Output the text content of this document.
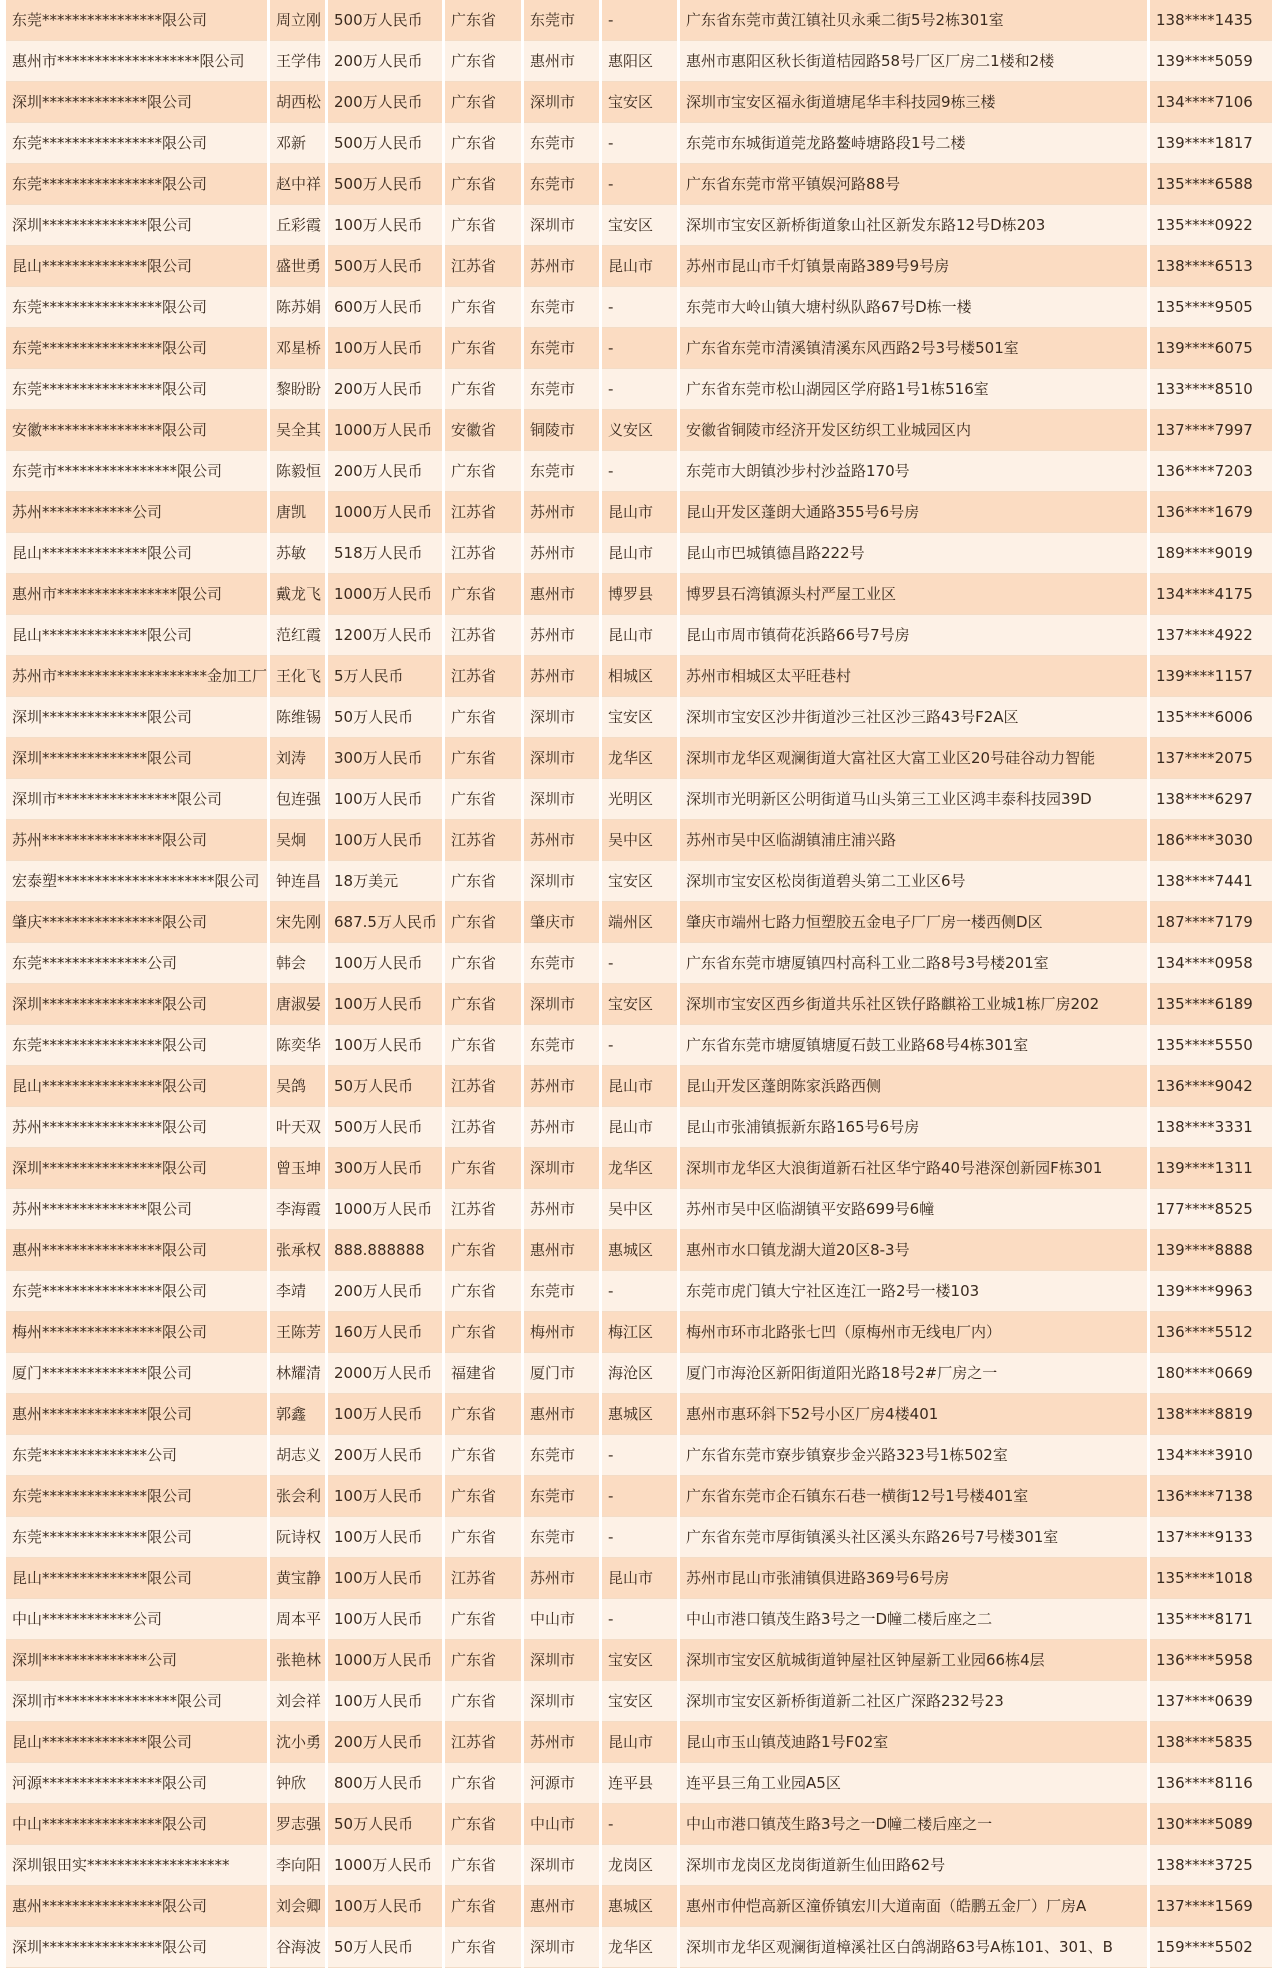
东莞****************限公司	周立刚	500万人民币	广东省	东莞市	-	广东省东莞市黄江镇社贝永乘二街5号2栋301室	138****1435
惠州市*******************限公司	王学伟	200万人民币	广东省	惠州市	惠阳区	惠州市惠阳区秋长街道桔园路58号厂区厂房二1楼和2楼	139****5059
深圳**************限公司	胡西松	200万人民币	广东省	深圳市	宝安区	深圳市宝安区福永街道塘尾华丰科技园9栋三楼	134****7106
东莞****************限公司	邓新	500万人民币	广东省	东莞市	-	东莞市东城街道莞龙路鳌峙塘路段1号二楼	139****1817
东莞****************限公司	赵中祥	500万人民币	广东省	东莞市	-	广东省东莞市常平镇娱河路88号	135****6588
深圳**************限公司	丘彩霞	100万人民币	广东省	深圳市	宝安区	深圳市宝安区新桥街道象山社区新发东路12号D栋203	135****0922
昆山**************限公司	盛世勇	500万人民币	江苏省	苏州市	昆山市	苏州市昆山市千灯镇景南路389号9号房	138****6513
东莞****************限公司	陈苏娟	600万人民币	广东省	东莞市	-	东莞市大岭山镇大塘村纵队路67号D栋一楼	135****9505
东莞****************限公司	邓星桥	100万人民币	广东省	东莞市	-	广东省东莞市清溪镇清溪东风西路2号3号楼501室	139****6075
东莞****************限公司	黎盼盼	200万人民币	广东省	东莞市	-	广东省东莞市松山湖园区学府路1号1栋516室	133****8510
安徽****************限公司	吴全其	1000万人民币	安徽省	铜陵市	义安区	安徽省铜陵市经济开发区纺织工业城园区内	137****7997
东莞市****************限公司	陈毅恒	200万人民币	广东省	东莞市	-	东莞市大朗镇沙步村沙益路170号	136****7203
苏州************公司	唐凯	1000万人民币	江苏省	苏州市	昆山市	昆山开发区蓬朗大通路355号6号房	136****1679
昆山**************限公司	苏敏	518万人民币	江苏省	苏州市	昆山市	昆山市巴城镇德昌路222号	189****9019
惠州市****************限公司	戴龙飞	1000万人民币	广东省	惠州市	博罗县	博罗县石湾镇源头村严屋工业区	134****4175
昆山**************限公司	范红霞	1200万人民币	江苏省	苏州市	昆山市	昆山市周市镇荷花浜路66号7号房	137****4922
苏州市********************金加工厂	王化飞	5万人民币	江苏省	苏州市	相城区	苏州市相城区太平旺巷村	139****1157
深圳**************限公司	陈维锡	50万人民币	广东省	深圳市	宝安区	深圳市宝安区沙井街道沙三社区沙三路43号F2A区	135****6006
深圳**************限公司	刘涛	300万人民币	广东省	深圳市	龙华区	深圳市龙华区观澜街道大富社区大富工业区20号硅谷动力智能	137****2075
深圳市****************限公司	包连强	100万人民币	广东省	深圳市	光明区	深圳市光明新区公明街道马山头第三工业区鸿丰泰科技园39D	138****6297
苏州****************限公司	吴炯	100万人民币	江苏省	苏州市	吴中区	苏州市吴中区临湖镇浦庄浦兴路	186****3030
宏泰塑*********************限公司	钟连昌	18万美元	广东省	深圳市	宝安区	深圳市宝安区松岗街道碧头第二工业区6号	138****7441
肇庆****************限公司	宋先刚	687.5万人民币	广东省	肇庆市	端州区	肇庆市端州七路力恒塑胶五金电子厂厂房一楼西侧D区	187****7179
东莞**************公司	韩会	100万人民币	广东省	东莞市	-	广东省东莞市塘厦镇四村高科工业二路8号3号楼201室	134****0958
深圳****************限公司	唐淑晏	100万人民币	广东省	深圳市	宝安区	深圳市宝安区西乡街道共乐社区铁仔路麒裕工业城1栋厂房202	135****6189
东莞****************限公司	陈奕华	100万人民币	广东省	东莞市	-	广东省东莞市塘厦镇塘厦石鼓工业路68号4栋301室	135****5550
昆山****************限公司	吴鸽	50万人民币	江苏省	苏州市	昆山市	昆山开发区蓬朗陈家浜路西侧	136****9042
苏州****************限公司	叶天双	500万人民币	江苏省	苏州市	昆山市	昆山市张浦镇振新东路165号6号房	138****3331
深圳****************限公司	曾玉坤	300万人民币	广东省	深圳市	龙华区	深圳市龙华区大浪街道新石社区华宁路40号港深创新园F栋301	139****1311
苏州**************限公司	李海霞	1000万人民币	江苏省	苏州市	吴中区	苏州市吴中区临湖镇平安路699号6幢	177****8525
惠州****************限公司	张承权	888.888888	广东省	惠州市	惠城区	惠州市水口镇龙湖大道20区8-3号	139****8888
东莞****************限公司	李靖	200万人民币	广东省	东莞市	-	东莞市虎门镇大宁社区连江一路2号一楼103	139****9963
梅州****************限公司	王陈芳	160万人民币	广东省	梅州市	梅江区	梅州市环市北路张七凹（原梅州市无线电厂内）	136****5512
厦门**************限公司	林耀清	2000万人民币	福建省	厦门市	海沧区	厦门市海沧区新阳街道阳光路18号2#厂房之一	180****0669
惠州**************限公司	郭鑫	100万人民币	广东省	惠州市	惠城区	惠州市惠环斜下52号小区厂房4楼401	138****8819
东莞**************公司	胡志义	200万人民币	广东省	东莞市	-	广东省东莞市寮步镇寮步金兴路323号1栋502室	134****3910
东莞**************限公司	张会利	100万人民币	广东省	东莞市	-	广东省东莞市企石镇东石巷一横街12号1号楼401室	136****7138
东莞**************限公司	阮诗权	100万人民币	广东省	东莞市	-	广东省东莞市厚街镇溪头社区溪头东路26号7号楼301室	137****9133
昆山**************限公司	黄宝静	100万人民币	江苏省	苏州市	昆山市	苏州市昆山市张浦镇俱进路369号6号房	135****1018
中山************公司	周本平	100万人民币	广东省	中山市	-	中山市港口镇茂生路3号之一D幢二楼后座之二	135****8171
深圳**************公司	张艳林	1000万人民币	广东省	深圳市	宝安区	深圳市宝安区航城街道钟屋社区钟屋新工业园66栋4层	136****5958
深圳市****************限公司	刘会祥	100万人民币	广东省	深圳市	宝安区	深圳市宝安区新桥街道新二社区广深路232号23	137****0639
昆山**************限公司	沈小勇	200万人民币	江苏省	苏州市	昆山市	昆山市玉山镇茂迪路1号F02室	138****5835
河源****************限公司	钟欣	800万人民币	广东省	河源市	连平县	连平县三角工业园A5区	136****8116
中山****************限公司	罗志强	50万人民币	广东省	中山市	-	中山市港口镇茂生路3号之一D幢二楼后座之一	130****5089
深圳银田实*******************	李向阳	1000万人民币	广东省	深圳市	龙岗区	深圳市龙岗区龙岗街道新生仙田路62号	138****3725
惠州****************限公司	刘会卿	100万人民币	广东省	惠州市	惠城区	惠州市仲恺高新区潼侨镇宏川大道南面（皓鹏五金厂）厂房A	137****1569
深圳****************限公司	谷海波	50万人民币	广东省	深圳市	龙华区	深圳市龙华区观澜街道樟溪社区白鸽湖路63号A栋101、301、B	159****5502
